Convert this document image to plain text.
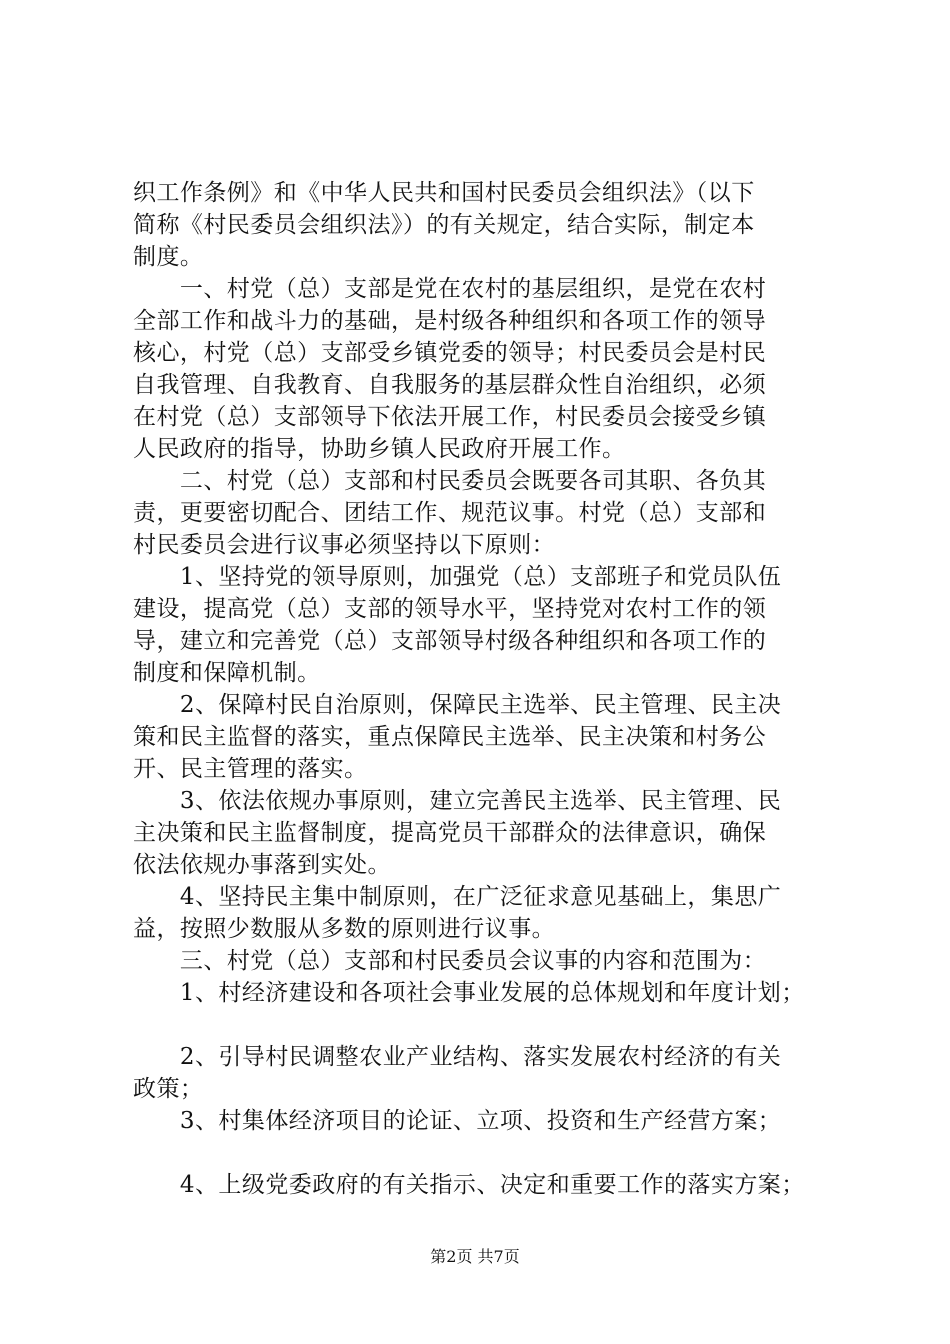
织工作条例》和《中华人民共和国村民委员会组织法》（以下
简称《村民委员会组织法》）的有关规定，结合实际，制定本
制度。
　　一、村党（总）支部是党在农村的基层组织，是党在农村
全部工作和战斗力的基础，是村级各种组织和各项工作的领导
核心，村党（总）支部受乡镇党委的领导；村民委员会是村民
自我管理、自我教育、自我服务的基层群众性自治组织，必须
在村党（总）支部领导下依法开展工作，村民委员会接受乡镇
人民政府的指导，协助乡镇人民政府开展工作。
　　二、村党（总）支部和村民委员会既要各司其职、各负其
责，更要密切配合、团结工作、规范议事。村党（总）支部和
村民委员会进行议事必须坚持以下原则：
　　1、坚持党的领导原则，加强党（总）支部班子和党员队伍
建设，提高党（总）支部的领导水平，坚持党对农村工作的领
导，建立和完善党（总）支部领导村级各种组织和各项工作的
制度和保障机制。
　　2、保障村民自治原则，保障民主选举、民主管理、民主决
策和民主监督的落实，重点保障民主选举、民主决策和村务公
开、民主管理的落实。
　　3、依法依规办事原则，建立完善民主选举、民主管理、民
主决策和民主监督制度，提高党员干部群众的法律意识，确保
依法依规办事落到实处。
　　4、坚持民主集中制原则，在广泛征求意见基础上，集思广
益，按照少数服从多数的原则进行议事。
　　三、村党（总）支部和村民委员会议事的内容和范围为：
　　1、村经济建设和各项社会事业发展的总体规划和年度计划；
　　2、引导村民调整农业产业结构、落实发展农村经济的有关
政策；
　　3、村集体经济项目的论证、立项、投资和生产经营方案；
　　4、上级党委政府的有关指示、决定和重要工作的落实方案；
第2页 共7页
